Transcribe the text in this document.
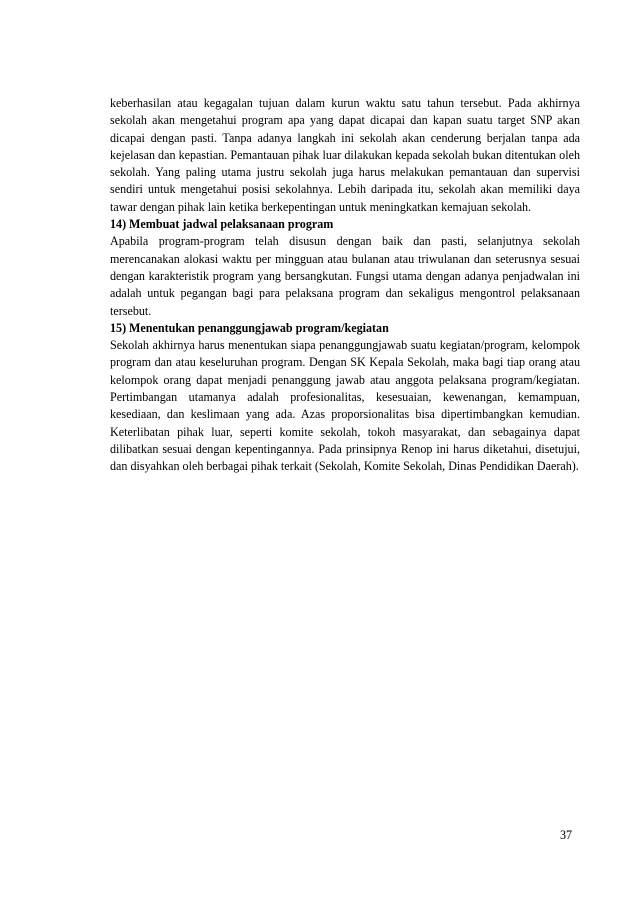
keberhasilan atau kegagalan tujuan dalam kurun waktu satu tahun tersebut. Pada akhirnya sekolah akan mengetahui program apa yang dapat dicapai dan kapan suatu target SNP akan dicapai dengan pasti. Tanpa adanya langkah ini sekolah akan cenderung berjalan tanpa ada kejelasan dan kepastian. Pemantauan pihak luar dilakukan kepada sekolah bukan ditentukan oleh sekolah. Yang paling utama justru sekolah juga harus melakukan pemantauan dan supervisi sendiri untuk mengetahui posisi sekolahnya. Lebih daripada itu, sekolah akan memiliki daya tawar dengan pihak lain ketika berkepentingan untuk meningkatkan kemajuan sekolah.

14) Membuat jadwal pelaksanaan program

Apabila program-program telah disusun dengan baik dan pasti, selanjutnya sekolah merencanakan alokasi waktu per mingguan atau bulanan atau triwulanan dan seterusnya sesuai dengan karakteristik program yang bersangkutan. Fungsi utama dengan adanya penjadwalan ini adalah untuk pegangan bagi para pelaksana program dan sekaligus mengontrol pelaksanaan tersebut.

15) Menentukan penanggungjawab program/kegiatan

Sekolah akhirnya harus menentukan siapa penanggungjawab suatu kegiatan/program, kelompok program dan atau keseluruhan program. Dengan SK Kepala Sekolah, maka bagi tiap orang atau kelompok orang dapat menjadi penanggung jawab atau anggota pelaksana program/kegiatan. Pertimbangan utamanya adalah profesionalitas, kesesuaian, kewenangan, kemampuan, kesediaan, dan keslimaan yang ada. Azas proporsionalitas bisa dipertimbangkan kemudian. Keterlibatan pihak luar, seperti komite sekolah, tokoh masyarakat, dan sebagainya dapat dilibatkan sesuai dengan kepentingannya. Pada prinsipnya Renop ini harus diketahui, disetujui, dan disyahkan oleh berbagai pihak terkait (Sekolah, Komite Sekolah, Dinas Pendidikan Daerah).

37
